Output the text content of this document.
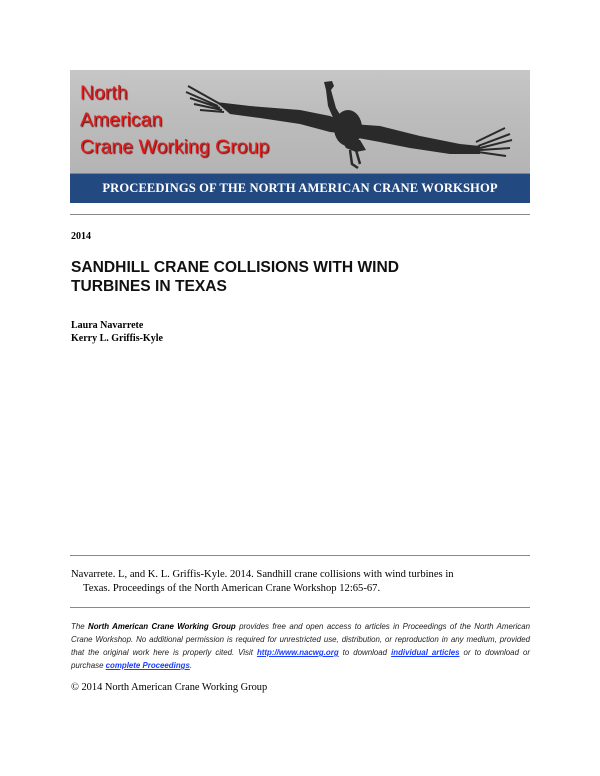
North
American
Crane Working Group
PROCEEDINGS OF THE NORTH AMERICAN CRANE WORKSHOP
2014
SANDHILL CRANE COLLISIONS WITH WIND
TURBINES IN TEXAS
Laura Navarrete
Kerry L. Griffis-Kyle
Navarrete. L, and K. L. Griffis-Kyle. 2014. Sandhill crane collisions with wind turbines in
Texas. Proceedings of the North American Crane Workshop 12:65-67.
The North American Crane Working Group provides free and open access to articles in Proceedings of the North American Crane Workshop. No additional permission is required for unrestricted use, distribution, or reproduction in any medium, provided that the original work here is properly cited. Visit http://www.nacwg.org to download individual articles or to download or purchase complete Proceedings.
© 2014 North American Crane Working Group
